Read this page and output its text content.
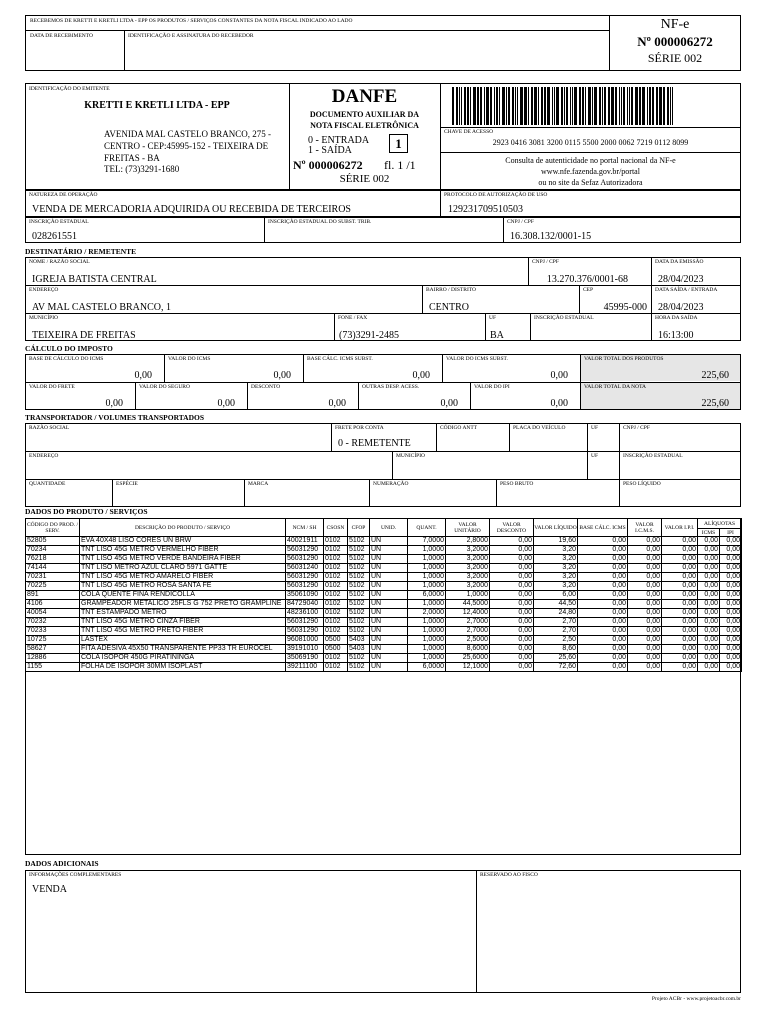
RECEBEMOS DE KRETTI E KRETLI LTDA - EPP OS PRODUTOS / SERVIÇOS CONSTANTES DA NOTA FISCAL INDICADO AO LADO
DATA DE RECEBIMENTO	IDENTIFICAÇÃO E ASSINATURA DO RECEBEDOR
NF-e
Nº 000006272
SÉRIE 002
IDENTIFICAÇÃO DO EMITENTE
KRETTI E KRETLI LTDA - EPP
AVENIDA MAL CASTELO BRANCO, 275 -
CENTRO - CEP:45995-152 - TEIXEIRA DE
FREITAS - BA
TEL: (73)3291-1680
DANFE
DOCUMENTO AUXILIAR DA
NOTA FISCAL ELETRÔNICA
0 - ENTRADA
1 - SAÍDA	1
Nº 000006272 fl. 1 /1
SÉRIE 002
CHAVE DE ACESSO
2923 0416 3081 3200 0115 5500 2000 0062 7219 0112 8099
Consulta de autenticidade no portal nacional da NF-e
www.nfe.fazenda.gov.br/portal
ou no site da Sefaz Autorizadora
NATUREZA DE OPERAÇÃO
VENDA DE MERCADORIA ADQUIRIDA OU RECEBIDA DE TERCEIROS
PROTOCOLO DE AUTORIZAÇÃO DE USO
129231709510503
INSCRIÇÃO ESTADUAL
028261551
INSCRIÇÃO ESTADUAL DO SUBST. TRIB.	CNPJ / CPF
16.308.132/0001-15
DESTINATÁRIO / REMETENTE
NOME / RAZÃO SOCIAL
IGREJA BATISTA CENTRAL
CNPJ / CPF
13.270.376/0001-68
DATA DA EMISSÃO
28/04/2023
ENDEREÇO
AV MAL CASTELO BRANCO, 1
BAIRRO / DISTRITO
CENTRO
CEP
45995-000
DATA SAÍDA / ENTRADA
28/04/2023
MUNICÍPIO
TEIXEIRA DE FREITAS
FONE / FAX
(73)3291-2485
UF
BA
INSCRIÇÃO ESTADUAL	HORA DA SAÍDA
16:13:00
CÁLCULO DO IMPOSTO
BASE DE CÁLCULO DO ICMS
0,00
VALOR DO ICMS
0,00
BASE CÁLC. ICMS SUBST.
0,00
VALOR DO ICMS SUBST.
0,00
VALOR TOTAL DOS PRODUTOS
225,60
VALOR DO FRETE
0,00
VALOR DO SEGURO
0,00
DESCONTO
0,00
OUTRAS DESP. ACESS.
0,00
VALOR DO IPI
0,00
VALOR TOTAL DA NOTA
225,60
TRANSPORTADOR / VOLUMES TRANSPORTADOS
RAZÃO SOCIAL	FRETE POR CONTA
0 - REMETENTE
CÓDIGO ANTT	PLACA DO VEÍCULO	UF	CNPJ / CPF
ENDEREÇO	MUNICÍPIO	UF	INSCRIÇÃO ESTADUAL
QUANTIDADE	ESPÉCIE	MARCA	NUMERAÇÃO	PESO BRUTO	PESO LÍQUIDO
DADOS DO PRODUTO / SERVIÇOS
CÓDIGO DO PROD. / SERV.	DESCRIÇÃO DO PRODUTO / SERVIÇO	NCM / SH	CSOSN	CFOP	UNID.	QUANT.	VALOR UNITÁRIO	VALOR DESCONTO	VALOR LÍQUIDO	BASE CÁLC. ICMS	VALOR I.C.M.S.	VALOR I.P.I.	ALÍQUOTAS	
													ICMS	IPI
52805	EVA 40X48 LISO CORES UN BRW	40021911	0102	5102	UN	7,0000	2,8000	0,00	19,60	0,00	0,00	0,00	0,00	0,00
70234	TNT LISO 45G METRO VERMELHO FIBER	56031290	0102	5102	UN	1,0000	3,2000	0,00	3,20	0,00	0,00	0,00	0,00	0,00
76218	TNT LISO 45G METRO VERDE BANDEIRA FIBER	56031290	0102	5102	UN	1,0000	3,2000	0,00	3,20	0,00	0,00	0,00	0,00	0,00
74144	TNT LISO METRO AZUL CLARO 5971 GATTE	56031240	0102	5102	UN	1,0000	3,2000	0,00	3,20	0,00	0,00	0,00	0,00	0,00
70231	TNT LISO 45G METRO AMARELO FIBER	56031290	0102	5102	UN	1,0000	3,2000	0,00	3,20	0,00	0,00	0,00	0,00	0,00
70225	TNT LISO 45G METRO ROSA SANTA FE	56031290	0102	5102	UN	1,0000	3,2000	0,00	3,20	0,00	0,00	0,00	0,00	0,00
891	COLA QUENTE FINA RENDICOLLA	35061090	0102	5102	UN	6,0000	1,0000	0,00	6,00	0,00	0,00	0,00	0,00	0,00
4106	GRAMPEADOR METALICO 25FLS G 752 PRETO GRAMPLINE	84729040	0102	5102	UN	1,0000	44,5000	0,00	44,50	0,00	0,00	0,00	0,00	0,00
40054	TNT ESTAMPADO METRO	48236100	0102	5102	UN	2,0000	12,4000	0,00	24,80	0,00	0,00	0,00	0,00	0,00
70232	TNT LISO 45G METRO CINZA FIBER	56031290	0102	5102	UN	1,0000	2,7000	0,00	2,70	0,00	0,00	0,00	0,00	0,00
70233	TNT LISO 45G METRO PRETO FIBER	56031290	0102	5102	UN	1,0000	2,7000	0,00	2,70	0,00	0,00	0,00	0,00	0,00
10725	LASTEX	96081000	0500	5403	UN	1,0000	2,5000	0,00	2,50	0,00	0,00	0,00	0,00	0,00
58627	FITA ADESIVA 45X50 TRANSPARENTE PP33 TR EUROCEL	39191010	0500	5403	UN	1,0000	8,6000	0,00	8,60	0,00	0,00	0,00	0,00	0,00
12886	COLA ISOPOR 450G PIRATININGA	35069190	0102	5102	UN	1,0000	25,6000	0,00	25,60	0,00	0,00	0,00	0,00	0,00
1155	FOLHA DE ISOPOR 30MM ISOPLAST	39211100	0102	5102	UN	6,0000	12,1000	0,00	72,60	0,00	0,00	0,00	0,00	0,00
DADOS ADICIONAIS
INFORMAÇÕES COMPLEMENTARES
VENDA
RESERVADO AO FISCO
Projeto ACBr - www.projetoacbr.com.br
